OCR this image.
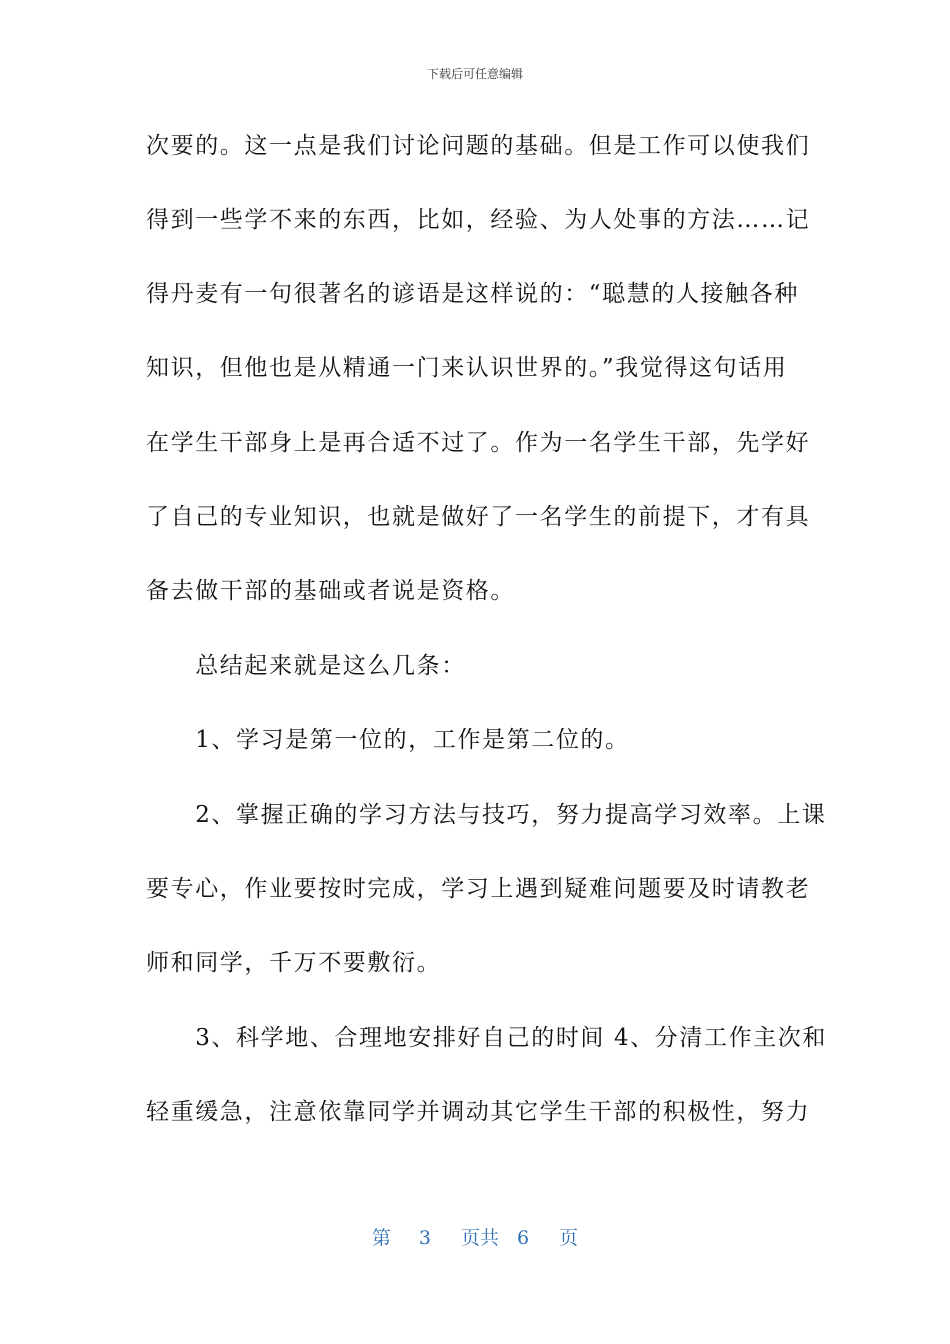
下载后可任意编辑
次要的。这一点是我们讨论问题的基础。但是工作可以使我们
得到一些学不来的东西，比如，经验、为人处事的方法……记
得丹麦有一句很著名的谚语是这样说的：“聪慧的人接触各种
知识，但他也是从精通一门来认识世界的。”我觉得这句话用
在学生干部身上是再合适不过了。作为一名学生干部，先学好
了自己的专业知识，也就是做好了一名学生的前提下，才有具
备去做干部的基础或者说是资格。
　　总结起来就是这么几条：
　　1、学习是第一位的，工作是第二位的。
　　2、掌握正确的学习方法与技巧，努力提高学习效率。上课
要专心，作业要按时完成，学习上遇到疑难问题要及时请教老
师和同学，千万不要敷衍。
　　3、科学地、合理地安排好自己的时间 4、分清工作主次和
轻重缓急，注意依靠同学并调动其它学生干部的积极性，努力
第 3 页共 6 页
